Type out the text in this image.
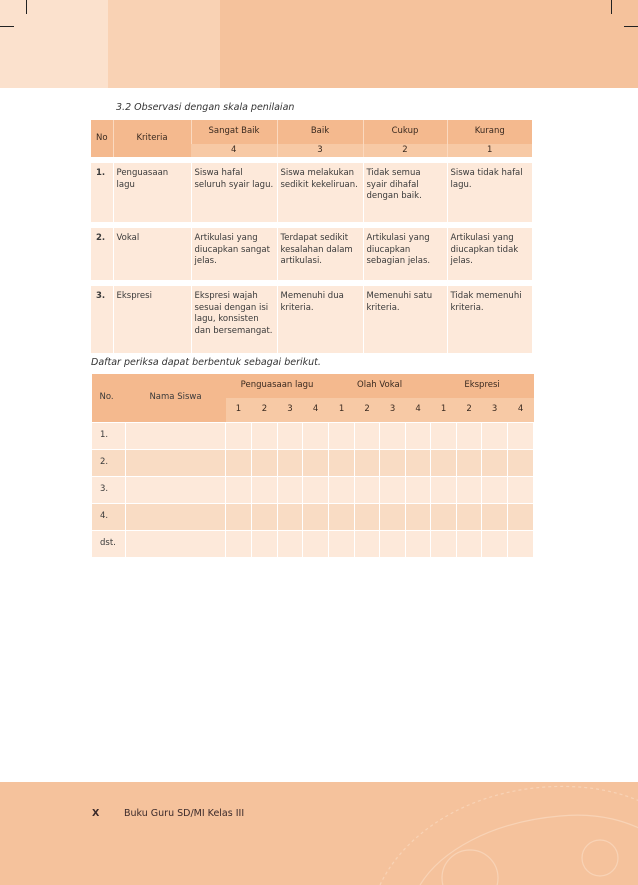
3.2 Observasi dengan skala penilaian
No	Kriteria	Sangat Baik	Baik	Cukup	Kurang
		4	3	2	1
1.	Penguasaan lagu	Siswa hafal seluruh syair lagu.	Siswa melakukan sedikit kekeliruan.	Tidak semua syair dihafal dengan baik.	Siswa tidak hafal lagu.
2.	Vokal	Artikulasi yang diucapkan sangat jelas.	Terdapat sedikit kesalahan dalam artikulasi.	Artikulasi yang diucapkan sebagian jelas.	Artikulasi yang diucapkan tidak jelas.
3.	Ekspresi	Ekspresi wajah sesuai dengan isi lagu, konsisten dan bersemangat.	Memenuhi dua kriteria.	Memenuhi satu kriteria.	Tidak memenuhi kriteria.
Daftar periksa dapat berbentuk sebagai berikut.
No.	Nama Siswa	Penguasaan lagu				Olah Vokal				Ekspresi			
		1	2	3	4	1	2	3	4	1	2	3	4
1.													
2.													
3.													
4.													
dst.													
X	Buku Guru SD/MI Kelas III
